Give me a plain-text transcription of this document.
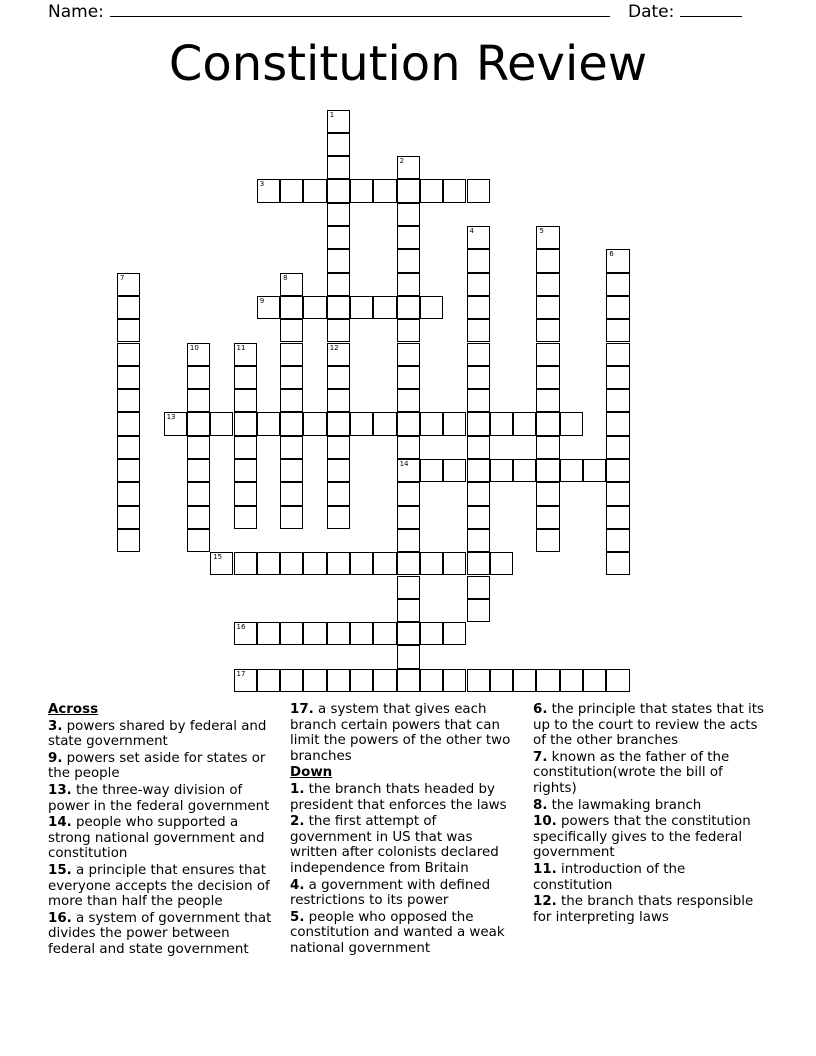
Name:	Date:
Constitution Review
1
12
2
14
3
4	5
6
7	8
9
10	11
13
15
16
17

Across

3. powers shared by federal and state government

9. powers set aside for states or the people

13. the three-way division of power in the federal government

14. people who supported a strong national government and constitution

15. a principle that ensures that everyone accepts the decision of more than half the people

16. a system of government that divides the power between federal and state government

17. a system that gives each branch certain powers that can limit the powers of the other two branches

Down

1. the branch thats headed by president that enforces the laws

2. the first attempt of government in US that was written after colonists declared independence from Britain

4. a government with defined restrictions to its power

5. people who opposed the constitution and wanted a weak national government

6. the principle that states that its up to the court to review the acts of the other branches

7. known as the father of the constitution(wrote the bill of rights)

8. the lawmaking branch

10. powers that the constitution specifically gives to the federal government

11. introduction of the constitution

12. the branch thats responsible for interpreting laws
